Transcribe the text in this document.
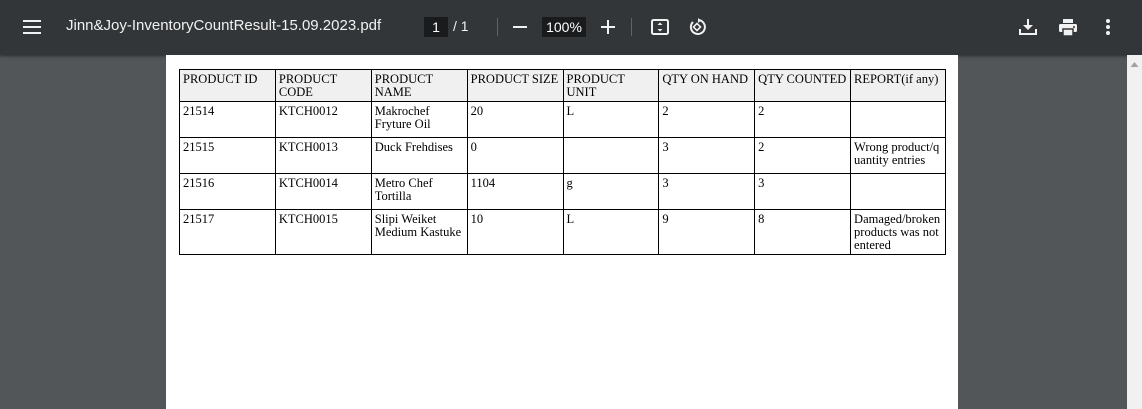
Jinn&Joy-InventoryCountResult-15.09.2023.pdf	1 / 1	100%
PRODUCT ID	PRODUCT CODE	PRODUCT NAME	PRODUCT SIZE	PRODUCT UNIT	QTY ON HAND	QTY COUNTED	REPORT(if any)
21514	KTCH0012	Makrochef Fryture Oil	20	L	2	2	
21515	KTCH0013	Duck Frehdises	0		3	2	Wrong product/quantity entries
21516	KTCH0014	Metro Chef Tortilla	1104	g	3	3	
21517	KTCH0015	Slipi Weiket Medium Kastuke	10	L	9	8	Damaged/broken products was not entered
